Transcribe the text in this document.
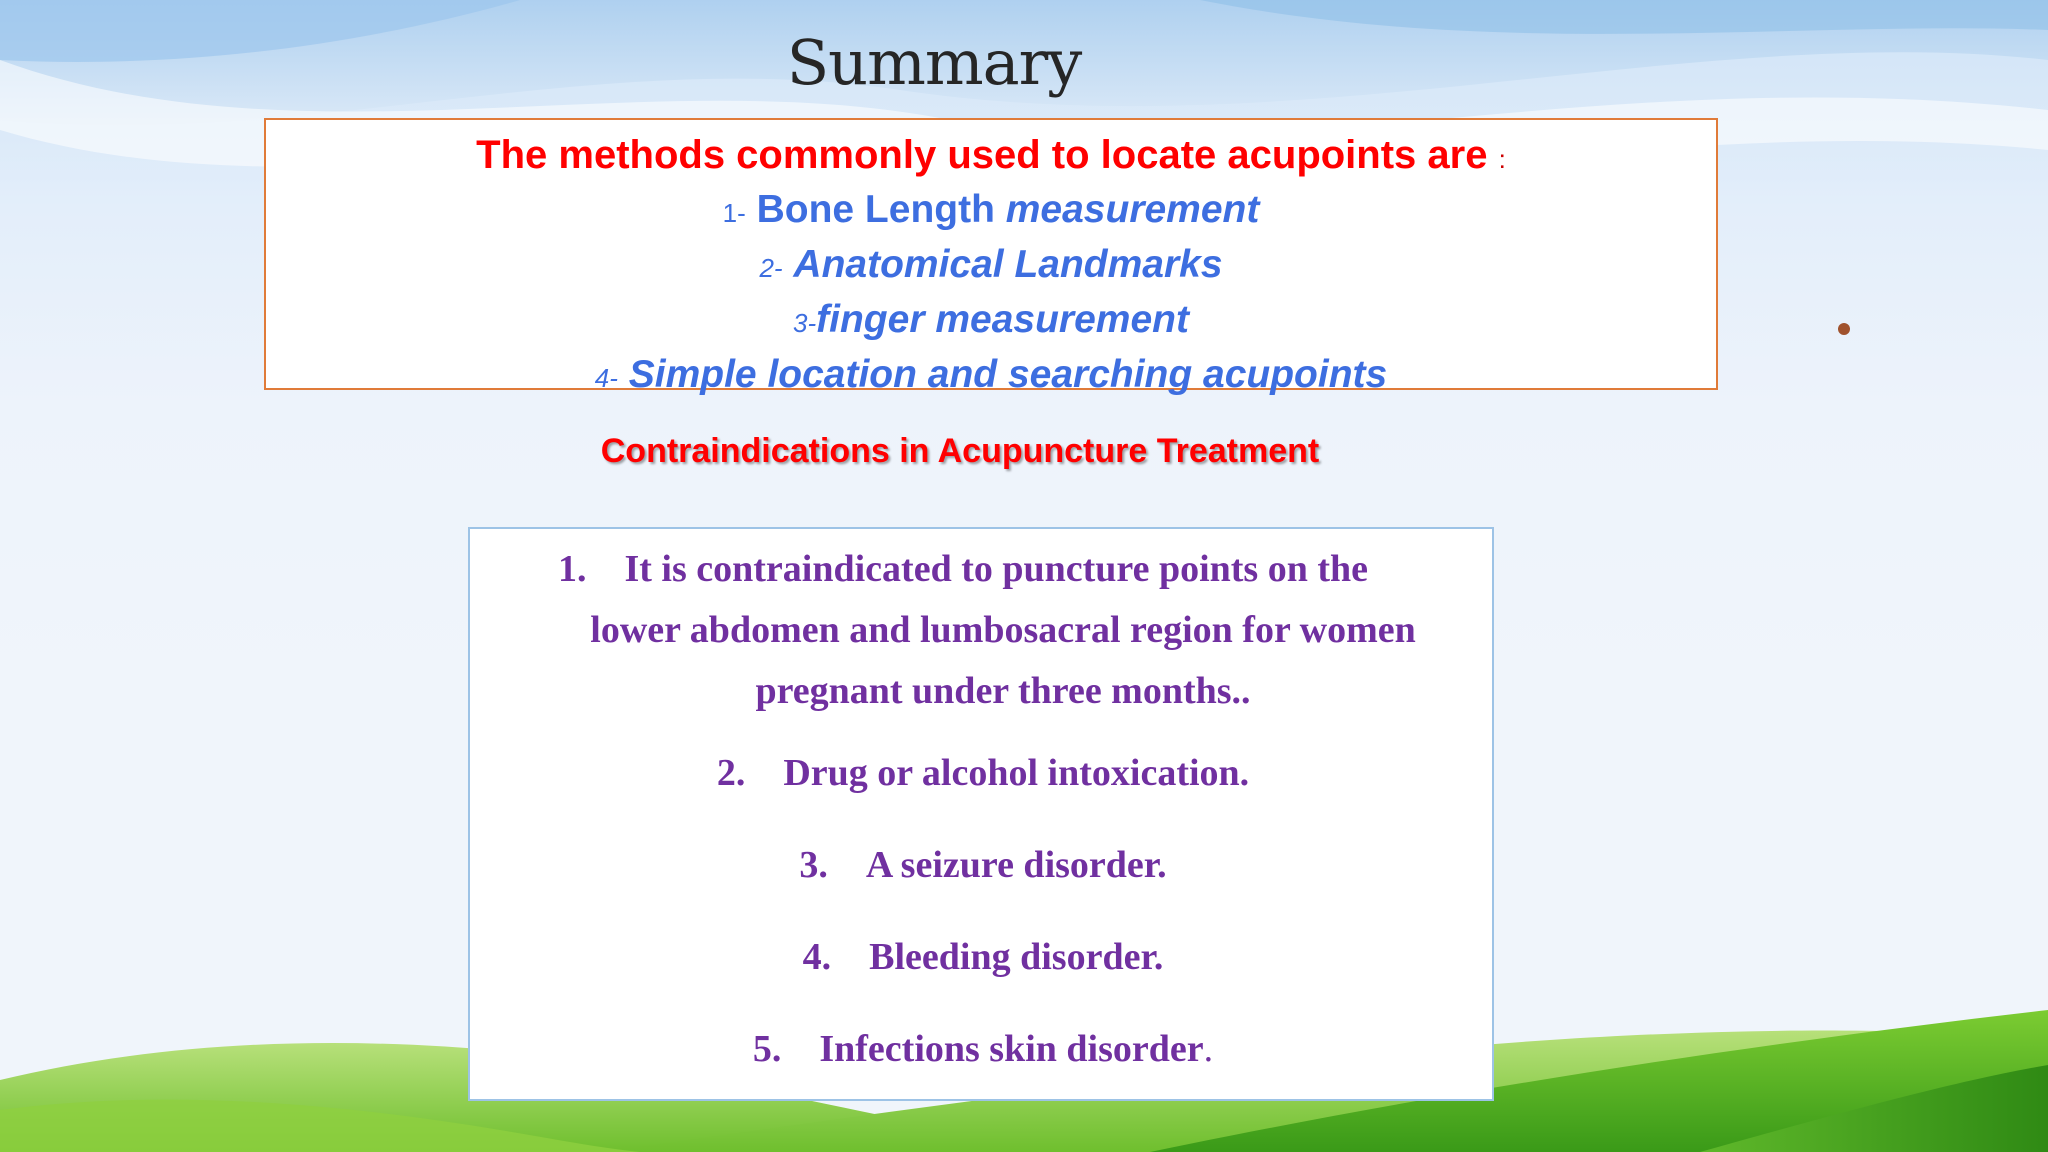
Summary
The methods commonly used to locate acupoints are :
1- Bone Length measurement
2- Anatomical Landmarks
3-finger measurement
4- Simple location and searching acupoints
Contraindications in Acupuncture Treatment
1. It is contraindicated to puncture points on the
lower abdomen and lumbosacral region for women
pregnant under three months..
2. Drug or alcohol intoxication.
3. A seizure disorder.
4. Bleeding disorder.
5. Infections skin disorder.
